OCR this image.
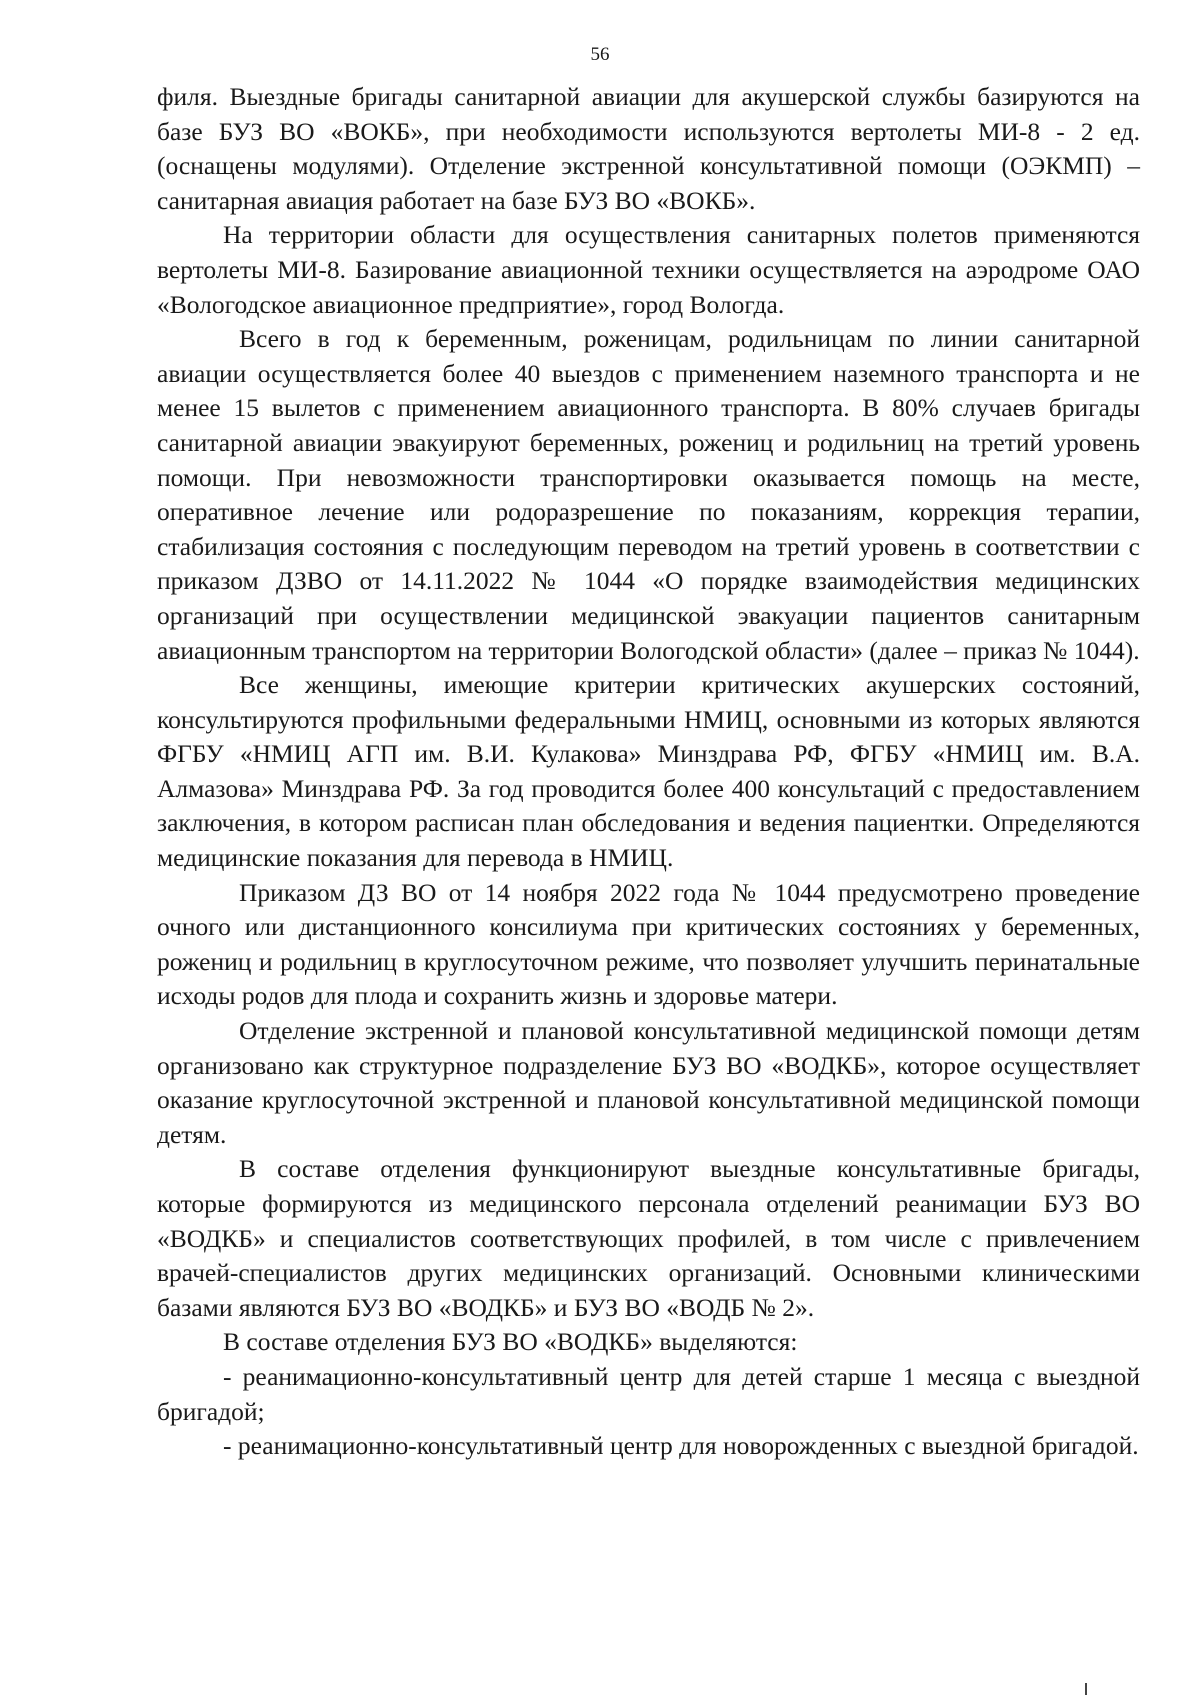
56

филя. Выездные бригады санитарной авиации для акушерской службы базируются на базе БУЗ ВО «ВОКБ», при необходимости используются вертолеты МИ-8 - 2 ед. (оснащены модулями). Отделение экстренной консультативной помощи (ОЭКМП) – санитарная авиация работает на базе БУЗ ВО «ВОКБ».

На территории области для осуществления санитарных полетов применяются вертолеты МИ-8. Базирование авиационной техники осуществляется на аэродроме ОАО «Вологодское авиационное предприятие», город Вологда.

Всего в год к беременным, роженицам, родильницам по линии санитарной авиации осуществляется более 40 выездов с применением наземного транспорта и не менее 15 вылетов с применением авиационного транспорта. В 80% случаев бригады санитарной авиации эвакуируют беременных, рожениц и родильниц на третий уровень помощи. При невозможности транспортировки оказывается помощь на месте, оперативное лечение или родоразрешение по показаниям, коррекция терапии, стабилизация состояния с последующим переводом на третий уровень в соответствии с приказом ДЗВО от 14.11.2022 № 1044 «О порядке взаимодействия медицинских организаций при осуществлении медицинской эвакуации пациентов санитарным авиационным транспортом на территории Вологодской области» (далее – приказ № 1044).

Все женщины, имеющие критерии критических акушерских состояний, консультируются профильными федеральными НМИЦ, основными из которых являются ФГБУ «НМИЦ АГП им. В.И. Кулакова» Минздрава РФ, ФГБУ «НМИЦ им. В.А. Алмазова» Минздрава РФ. За год проводится более 400 консультаций с предоставлением заключения, в котором расписан план обследования и ведения пациентки. Определяются медицинские показания для перевода в НМИЦ.

Приказом ДЗ ВО от 14 ноября 2022 года № 1044 предусмотрено проведение очного или дистанционного консилиума при критических состояниях у беременных, рожениц и родильниц в круглосуточном режиме, что позволяет улучшить перинатальные исходы родов для плода и сохранить жизнь и здоровье матери.

Отделение экстренной и плановой консультативной медицинской помощи детям организовано как структурное подразделение БУЗ ВО «ВОДКБ», которое осуществляет оказание круглосуточной экстренной и плановой консультативной медицинской помощи детям.

В составе отделения функционируют выездные консультативные бригады, которые формируются из медицинского персонала отделений реанимации БУЗ ВО «ВОДКБ» и специалистов соответствующих профилей, в том числе с привлечением врачей-специалистов других медицинских организаций. Основными клиническими базами являются БУЗ ВО «ВОДКБ» и БУЗ ВО «ВОДБ № 2».

В составе отделения БУЗ ВО «ВОДКБ» выделяются:

- реанимационно-консультативный центр для детей старше 1 месяца с выездной бригадой;

- реанимационно-консультативный центр для новорожденных с выездной бригадой.
